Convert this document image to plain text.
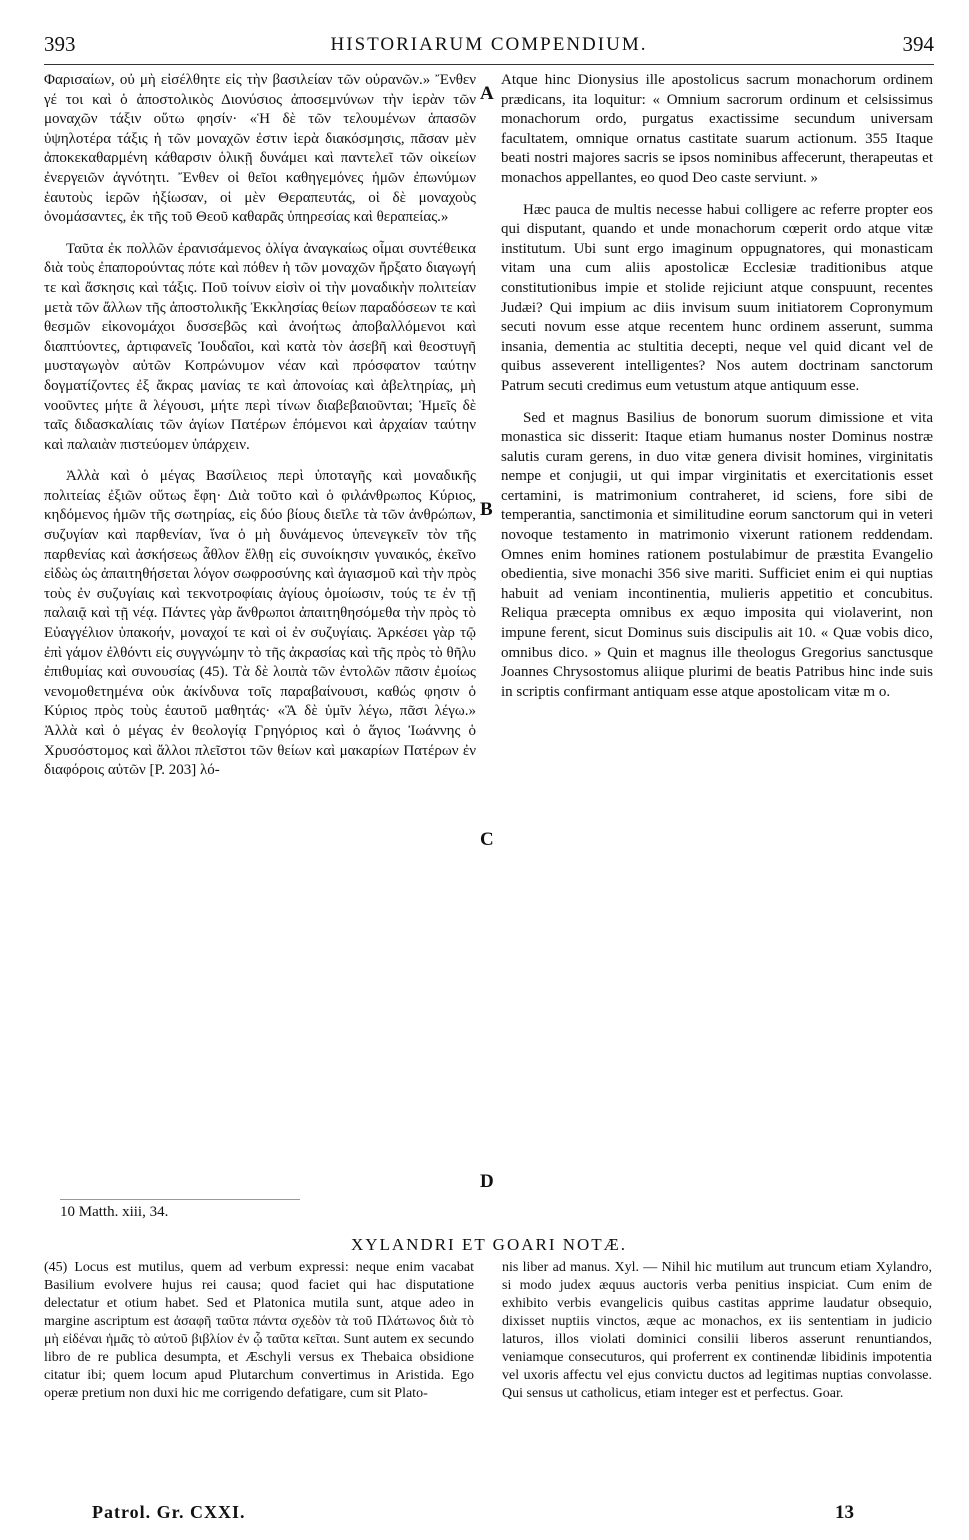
393	HISTORIARUM COMPENDIUM.	394

Φαρισαίων, οὐ μὴ εἰσέλθητε εἰς τὴν βασιλείαν τῶν οὐρανῶν.» Ἔνθεν γέ τοι καὶ ὁ ἀποστολικὸς Διονύσιος ἀποσεμνύνων τὴν ἱερὰν τῶν μοναχῶν τάξιν οὕτω φησίν· «Ἡ δὲ τῶν τελουμένων ἁπασῶν ὑψηλοτέρα τάξις ἡ τῶν μοναχῶν ἐστιν ἱερὰ διακόσμησις, πᾶσαν μὲν ἀποκεκαθαρμένη κάθαρσιν ὁλικῇ δυνάμει καὶ παντελεῖ τῶν οἰκείων ἐνεργειῶν ἁγνότητι. Ἔνθεν οἱ θεῖοι καθηγεμόνες ἡμῶν ἐπωνύμων ἑαυτοὺς ἱερῶν ἠξίωσαν, οἱ μὲν Θεραπευτάς, οἱ δὲ μοναχοὺς ὀνομάσαντες, ἐκ τῆς τοῦ Θεοῦ καθαρᾶς ὑπηρεσίας καὶ θεραπείας.»

Ταῦτα ἐκ πολλῶν ἐρανισάμενος ὀλίγα ἀναγκαίως οἶμαι συντέθεικα διὰ τοὺς ἐπαπορούντας πότε καὶ πόθεν ἡ τῶν μοναχῶν ἤρξατο διαγωγή τε καὶ ἄσκησις καὶ τάξις. Ποῦ τοίνυν εἰσὶν οἱ τὴν μοναδικὴν πολιτείαν μετὰ τῶν ἄλλων τῆς ἀποστολικῆς Ἐκκλησίας θείων παραδόσεων τε καὶ θεσμῶν εἰκονομάχοι δυσσεβῶς καὶ ἀνοήτως ἀποβαλλόμενοι καὶ διαπτύοντες, ἀρτιφανεῖς Ἰουδαῖοι, καὶ κατὰ τὸν ἀσεβῆ καὶ θεοστυγῆ μυσταγωγὸν αὐτῶν Κοπρώνυμον νέαν καὶ πρόσφατον ταύτην δογματίζοντες ἐξ ἄκρας μανίας τε καὶ ἀπονοίας καὶ ἀβελτηρίας, μὴ νοοῦντες μήτε ἃ λέγουσι, μήτε περὶ τίνων διαβεβαιοῦνται; Ἡμεῖς δὲ ταῖς διδασκαλίαις τῶν ἁγίων Πατέρων ἑπόμενοι καὶ ἀρχαίαν ταύτην καὶ παλαιὰν πιστεύομεν ὑπάρχειν.

Ἀλλὰ καὶ ὁ μέγας Βασίλειος περὶ ὑποταγῆς καὶ μοναδικῆς πολιτείας ἐξιῶν οὕτως ἔφη· Διὰ τοῦτο καὶ ὁ φιλάνθρωπος Κύριος, κηδόμενος ἡμῶν τῆς σωτηρίας, εἰς δύο βίους διεῖλε τὰ τῶν ἀνθρώπων, συζυγίαν καὶ παρθενίαν, ἵνα ὁ μὴ δυνάμενος ὑπενεγκεῖν τὸν τῆς παρθενίας καὶ ἀσκήσεως ἆθλον ἔλθῃ εἰς συνοίκησιν γυναικός, ἐκεῖνο εἰδὼς ὡς ἀπαιτηθήσεται λόγον σωφροσύνης καὶ ἁγιασμοῦ καὶ τὴν πρὸς τοὺς ἐν συζυγίαις καὶ τεκνοτροφίαις ἁγίους ὁμοίωσιν, τούς τε ἐν τῇ παλαιᾷ καὶ τῇ νέᾳ. Πάντες γὰρ ἄνθρωποι ἀπαιτηθησόμεθα τὴν πρὸς τὸ Εὐαγγέλιον ὑπακοήν, μοναχοί τε καὶ οἱ ἐν συζυγίαις. Ἀρκέσει γὰρ τῷ ἐπὶ γάμον ἐλθόντι εἰς συγγνώμην τὸ τῆς ἀκρασίας καὶ τῆς πρὸς τὸ θῆλυ ἐπιθυμίας καὶ συνουσίας (45). Τὰ δὲ λοιπὰ τῶν ἐντολῶν πᾶσιν ἐμοίως νενομοθετημένα οὐκ ἀκίνδυνα τοῖς παραβαίνουσι, καθώς φησιν ὁ Κύριος πρὸς τοὺς ἑαυτοῦ μαθητάς· «Ἃ δὲ ὑμῖν λέγω, πᾶσι λέγω.» Ἀλλὰ καὶ ὁ μέγας ἐν θεολογίᾳ Γρηγόριος καὶ ὁ ἅγιος Ἰωάννης ὁ Χρυσόστομος καὶ ἄλλοι πλεῖστοι τῶν θείων καὶ μακαρίων Πατέρων ἐν διαφόροις αὐτῶν [P. 203] λό-

A
B
C
D

Atque hinc Dionysius ille apostolicus sacrum monachorum ordinem prædicans, ita loquitur: « Omnium sacrorum ordinum et celsissimus monachorum ordo, purgatus exactissime secundum universam facultatem, omnique ornatus castitate suarum actionum. 355 Itaque beati nostri majores sacris se ipsos nominibus affecerunt, therapeutas et monachos appellantes, eo quod Deo caste serviunt. »

Hæc pauca de multis necesse habui colligere ac referre propter eos qui disputant, quando et unde monachorum cœperit ordo atque vitæ institutum. Ubi sunt ergo imaginum oppugnatores, qui monasticam vitam una cum aliis apostolicæ Ecclesiæ traditionibus atque constitutionibus impie et stolide rejiciunt atque conspuunt, recentes Judæi? Qui impium ac diis invisum suum initiatorem Copronymum secuti novum esse atque recentem hunc ordinem asserunt, summa insania, dementia ac stultitia decepti, neque vel quid dicant vel de quibus asseverent intelligentes? Nos autem doctrinam sanctorum Patrum secuti credimus eum vetustum atque antiquum esse.

Sed et magnus Basilius de bonorum suorum dimissione et vita monastica sic disserit: Itaque etiam humanus noster Dominus nostræ salutis curam gerens, in duo vitæ genera divisit homines, virginitatis nempe et conjugii, ut qui impar virginitatis et exercitationis esset certamini, is matrimonium contraheret, id sciens, fore sibi de temperantia, sanctimonia et similitudine eorum sanctorum qui in veteri novoque testamento in matrimonio vixerunt rationem reddendam. Omnes enim homines rationem postulabimur de præstita Evangelio obedientia, sive monachi 356 sive mariti. Sufficiet enim ei qui nuptias habuit ad veniam incontinentia, mulieris appetitio et concubitus. Reliqua præcepta omnibus ex æquo imposita qui violaverint, non impune ferent, sicut Dominus suis discipulis ait 10. « Quæ vobis dico, omnibus dico. » Quin et magnus ille theologus Gregorius sanctusque Joannes Chrysostomus aliique plurimi de beatis Patribus hinc inde suis in scriptis confirmant antiquam esse atque apostolicam vitæ m o.

10 Matth. xiii, 34.
XYLANDRI ET GOARI NOTÆ.

(45) Locus est mutilus, quem ad verbum expressi: neque enim vacabat Basilium evolvere hujus rei causa; quod faciet qui hac disputatione delectatur et otium habet. Sed et Platonica mutila sunt, atque adeo in margine ascriptum est ἀσαφῆ ταῦτα πάντα σχεδὸν τὰ τοῦ Πλάτωνος διὰ τὸ μὴ εἰδέναι ἡμᾶς τὸ αὐτοῦ βιβλίον ἐν ᾧ ταῦτα κεῖται. Sunt autem ex secundo libro de re publica desumpta, et Æschyli versus ex Thebaica obsidione citatur ibi; quem locum apud Plutarchum convertimus in Aristida. Ego operæ pretium non duxi hic me corrigendo defatigare, cum sit Plato-

nis liber ad manus. Xyl. — Nihil hic mutilum aut truncum etiam Xylandro, si modo judex æquus auctoris verba penitius inspiciat. Cum enim de exhibito verbis evangelicis quibus castitas apprime laudatur obsequio, dixisset nuptiis vinctos, æque ac monachos, ex iis sententiam in judicio laturos, illos violati dominici consilii liberos asserunt renuntiandos, veniamque consecuturos, qui proferrent ex continendæ libidinis impotentia vel uxoris affectu vel ejus convictu ductos ad legitimas nuptias convolasse. Qui sensus ut catholicus, etiam integer est et perfectus. Goar.

Patrol. Gr. CXXI.	13
